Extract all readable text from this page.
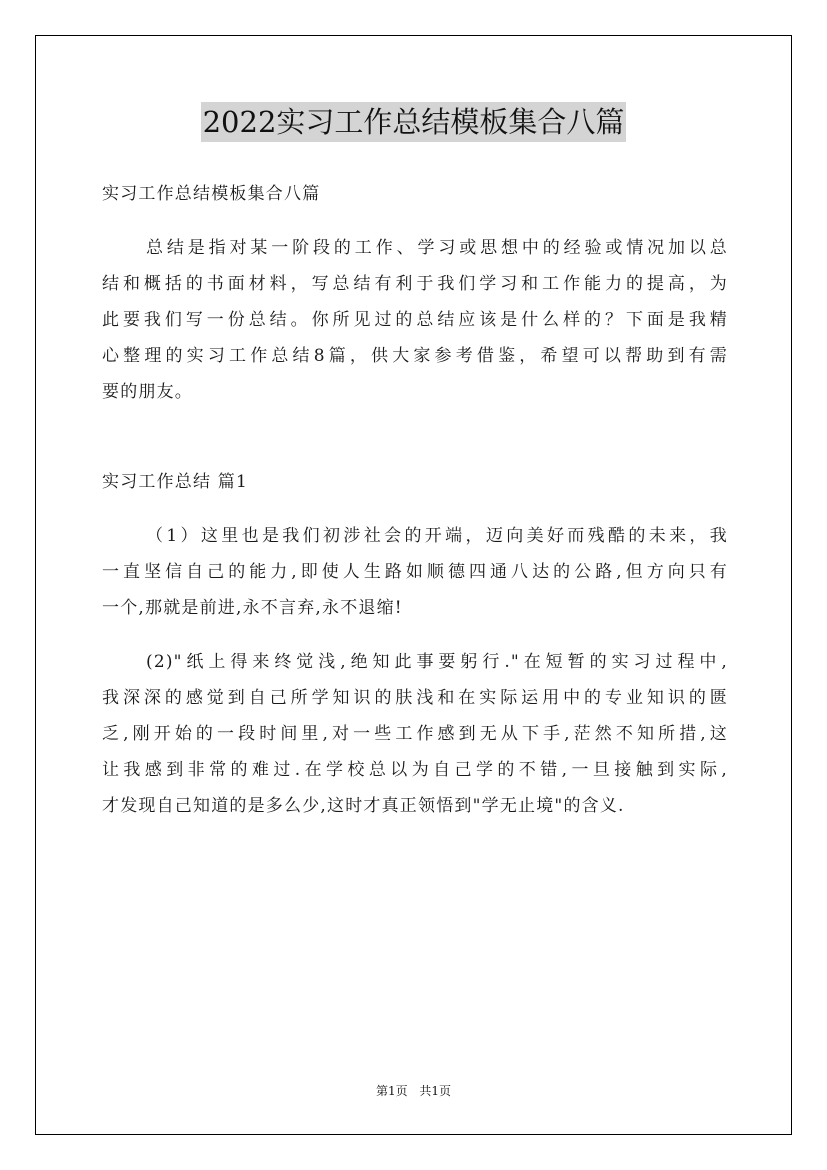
2022实习工作总结模板集合八篇
实习工作总结模板集合八篇
总结是指对某一阶段的工作、学习或思想中的经验或情况加以总
结和概括的书面材料，写总结有利于我们学习和工作能力的提高，为
此要我们写一份总结。你所见过的总结应该是什么样的？下面是我精
心整理的实习工作总结8篇，供大家参考借鉴，希望可以帮助到有需
要的朋友。
实习工作总结 篇1
（1）这里也是我们初涉社会的开端，迈向美好而残酷的未来，我
一直坚信自己的能力,即使人生路如顺德四通八达的公路,但方向只有
一个,那就是前进,永不言弃,永不退缩!
(2)"纸上得来终觉浅,绝知此事要躬行."在短暂的实习过程中,
我深深的感觉到自己所学知识的肤浅和在实际运用中的专业知识的匮
乏,刚开始的一段时间里,对一些工作感到无从下手,茫然不知所措,这
让我感到非常的难过.在学校总以为自己学的不错,一旦接触到实际,
才发现自己知道的是多么少,这时才真正领悟到"学无止境"的含义.
第1页 共1页
